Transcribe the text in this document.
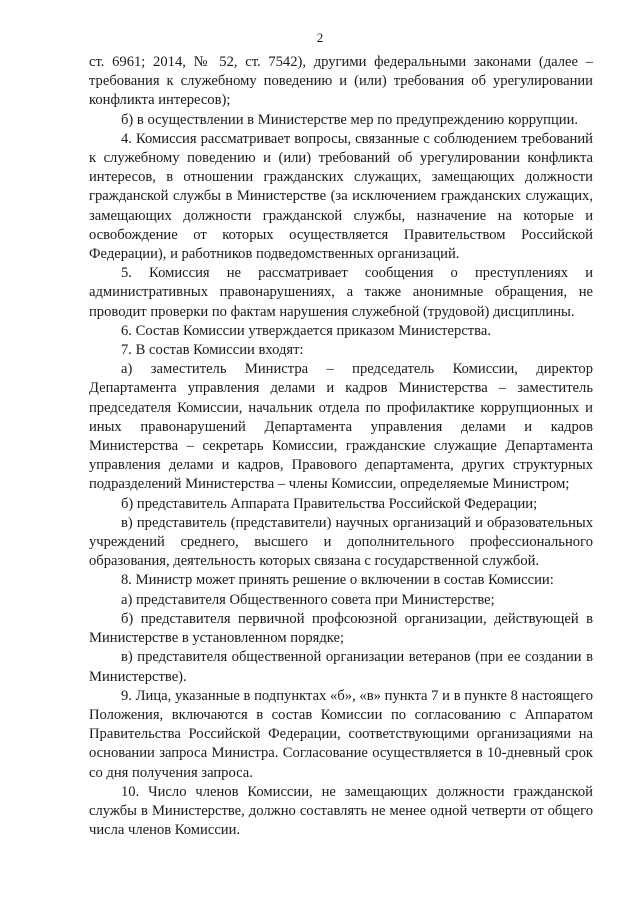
2

ст. 6961; 2014, № 52, ст. 7542), другими федеральными законами (далее – требования к служебному поведению и (или) требования об урегулировании конфликта интересов);

б) в осуществлении в Министерстве мер по предупреждению коррупции.

4. Комиссия рассматривает вопросы, связанные с соблюдением требований к служебному поведению и (или) требований об урегулировании конфликта интересов, в отношении гражданских служащих, замещающих должности гражданской службы в Министерстве (за исключением гражданских служащих, замещающих должности гражданской службы, назначение на которые и освобождение от которых осуществляется Правительством Российской Федерации), и работников подведомственных организаций.

5. Комиссия не рассматривает сообщения о преступлениях и административных правонарушениях, а также анонимные обращения, не проводит проверки по фактам нарушения служебной (трудовой) дисциплины.

6. Состав Комиссии утверждается приказом Министерства.

7. В состав Комиссии входят:

а) заместитель Министра – председатель Комиссии, директор Департамента управления делами и кадров Министерства – заместитель председателя Комиссии, начальник отдела по профилактике коррупционных и иных правонарушений Департамента управления делами и кадров Министерства – секретарь Комиссии, гражданские служащие Департамента управления делами и кадров, Правового департамента, других структурных подразделений Министерства – члены Комиссии, определяемые Министром;

б) представитель Аппарата Правительства Российской Федерации;

в) представитель (представители) научных организаций и образовательных учреждений среднего, высшего и дополнительного профессионального образования, деятельность которых связана с государственной службой.

8. Министр может принять решение о включении в состав Комиссии:

а) представителя Общественного совета при Министерстве;

б) представителя первичной профсоюзной организации, действующей в Министерстве в установленном порядке;

в) представителя общественной организации ветеранов (при ее создании в Министерстве).

9. Лица, указанные в подпунктах «б», «в» пункта 7 и в пункте 8 настоящего Положения, включаются в состав Комиссии по согласованию с Аппаратом Правительства Российской Федерации, соответствующими организациями на основании запроса Министра. Согласование осуществляется в 10-дневный срок со дня получения запроса.

10. Число членов Комиссии, не замещающих должности гражданской службы в Министерстве, должно составлять не менее одной четверти от общего числа членов Комиссии.
